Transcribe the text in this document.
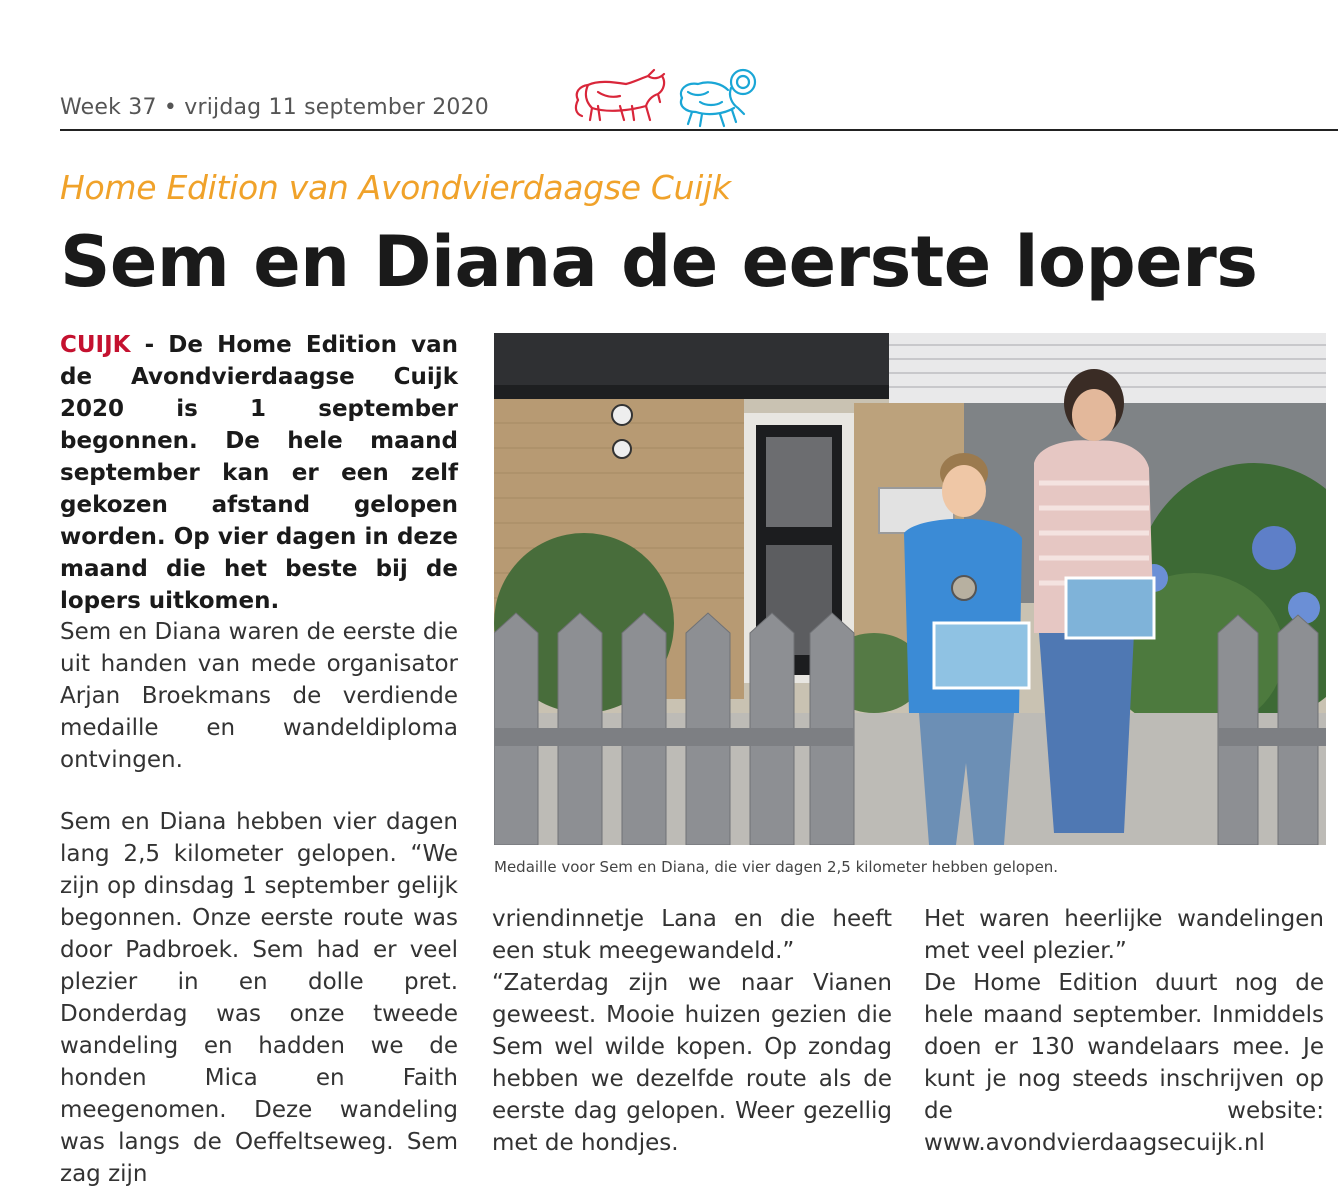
Week 37 • vrijdag 11 september 2020
Home Edition van Avondvierdaagse Cuijk
Sem en Diana de eerste lopers

CUIJK - De Home Edition van de Avondvierdaagse Cuijk 2020 is 1 september begonnen. De hele maand september kan er een zelf gekozen afstand gelopen worden. Op vier dagen in deze maand die het beste bij de lopers uitkomen.

Sem en Diana waren de eerste die uit handen van mede organisator Arjan Broekmans de verdiende medaille en wandeldiploma ontvingen.

Sem en Diana hebben vier dagen lang 2,5 kilometer gelopen. “We zijn op dinsdag 1 september gelijk begonnen. Onze eerste route was door Padbroek. Sem had er veel plezier in en dolle pret. Donderdag was onze tweede wandeling en hadden we de honden Mica en Faith meegenomen. Deze wandeling was langs de Oeffeltseweg. Sem zag zijn

Medaille voor Sem en Diana, die vier dagen 2,5 kilometer hebben gelopen.

vriendinnetje Lana en die heeft een stuk meegewandeld.”

“Zaterdag zijn we naar Vianen geweest. Mooie huizen gezien die Sem wel wilde kopen. Op zondag hebben we dezelfde route als de eerste dag gelopen. Weer gezellig met de hondjes.

Het waren heerlijke wandelingen met veel plezier.”

De Home Edition duurt nog de hele maand september. Inmiddels doen er 130 wandelaars mee. Je kunt je nog steeds inschrijven op de website: www.avondvierdaagsecuijk.nl
